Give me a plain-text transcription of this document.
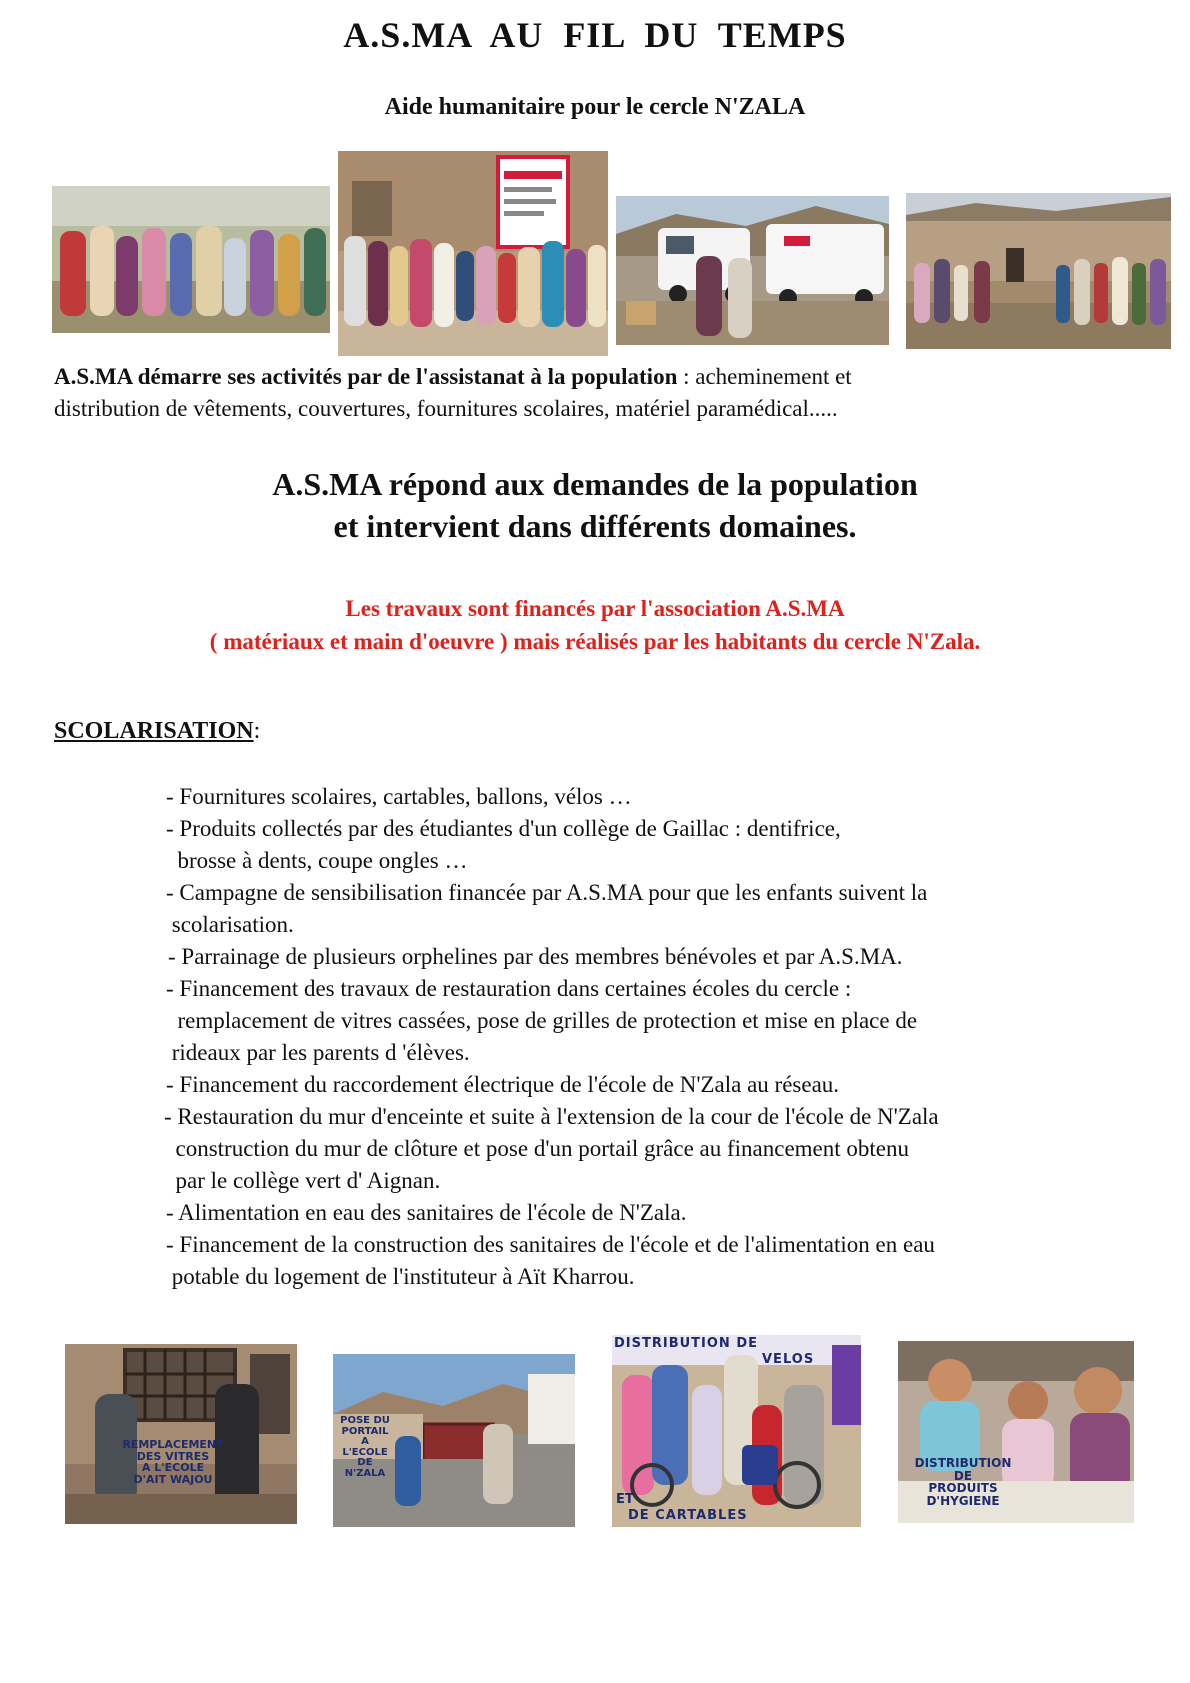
A.S.MA AU FIL DU TEMPS
Aide humanitaire pour le cercle N'ZALA
A.S.MA démarre ses activités par de l'assistanat à la population : acheminement et
distribution de vêtements, couvertures, fournitures scolaires, matériel paramédical.....
A.S.MA répond aux demandes de la population
et intervient dans différents domaines.
Les travaux sont financés par l'association A.S.MA
( matériaux et main d'oeuvre ) mais réalisés par les habitants du cercle N'Zala.
SCOLARISATION:
- Fournitures scolaires, cartables, ballons, vélos …
- Produits collectés par des étudiantes d'un collège de Gaillac : dentifrice,
brosse à dents, coupe ongles …
- Campagne de sensibilisation financée par A.S.MA pour que les enfants suivent la
scolarisation.
- Parrainage de plusieurs orphelines par des membres bénévoles et par A.S.MA.
- Financement des travaux de restauration dans certaines écoles du cercle :
remplacement de vitres cassées, pose de grilles de protection et mise en place de
rideaux par les parents d 'élèves.
- Financement du raccordement électrique de l'école de N'Zala au réseau.
- Restauration du mur d'enceinte et suite à l'extension de la cour de l'école de N'Zala
construction du mur de clôture et pose d'un portail grâce au financement obtenu
par le collège vert d' Aignan.
- Alimentation en eau des sanitaires de l'école de N'Zala.
- Financement de la construction des sanitaires de l'école et de l'alimentation en eau
potable du logement de l'instituteur à Aït Kharrou.
REMPLACEMENT
DES VITRES
A L'ECOLE
D'AIT WAJOU
POSE DU
PORTAIL
A
L'ECOLE
DE
N'ZALA
DISTRIBUTION DE
VELOS
ET
DE CARTABLES
DISTRIBUTION
DE
PRODUITS
D'HYGIENE
